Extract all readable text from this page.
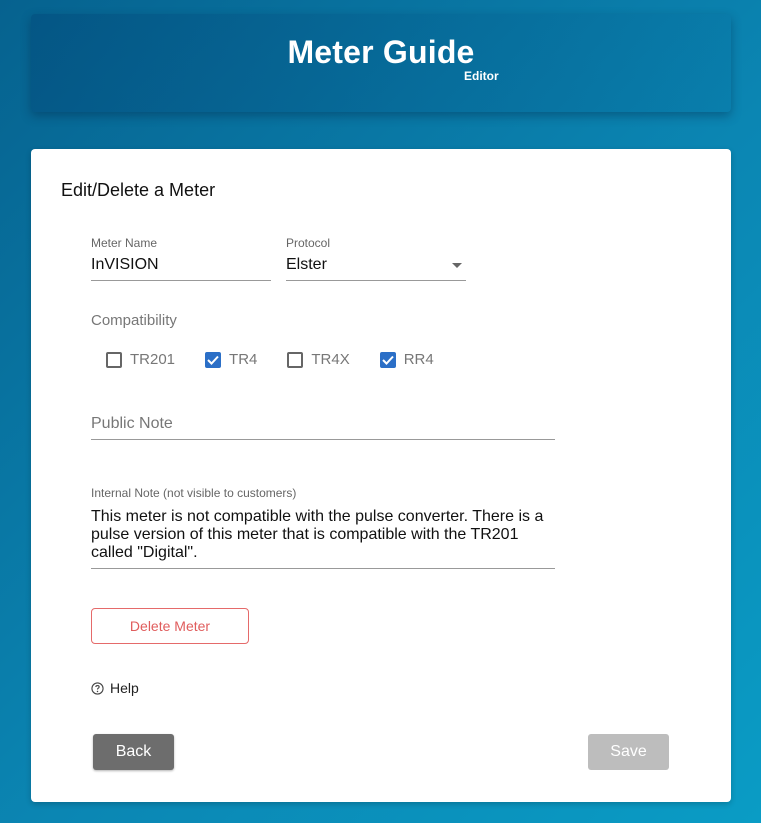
Meter Guide
Editor
Edit/Delete a Meter
Meter Name
InVISION
Protocol
Elster
Compatibility
TR201	TR4	TR4X	RR4
Public Note
Internal Note (not visible to customers)
This meter is not compatible with the pulse converter. There is a pulse version of this meter that is compatible with the TR201 called "Digital".
Delete Meter
Help
Back	Save
